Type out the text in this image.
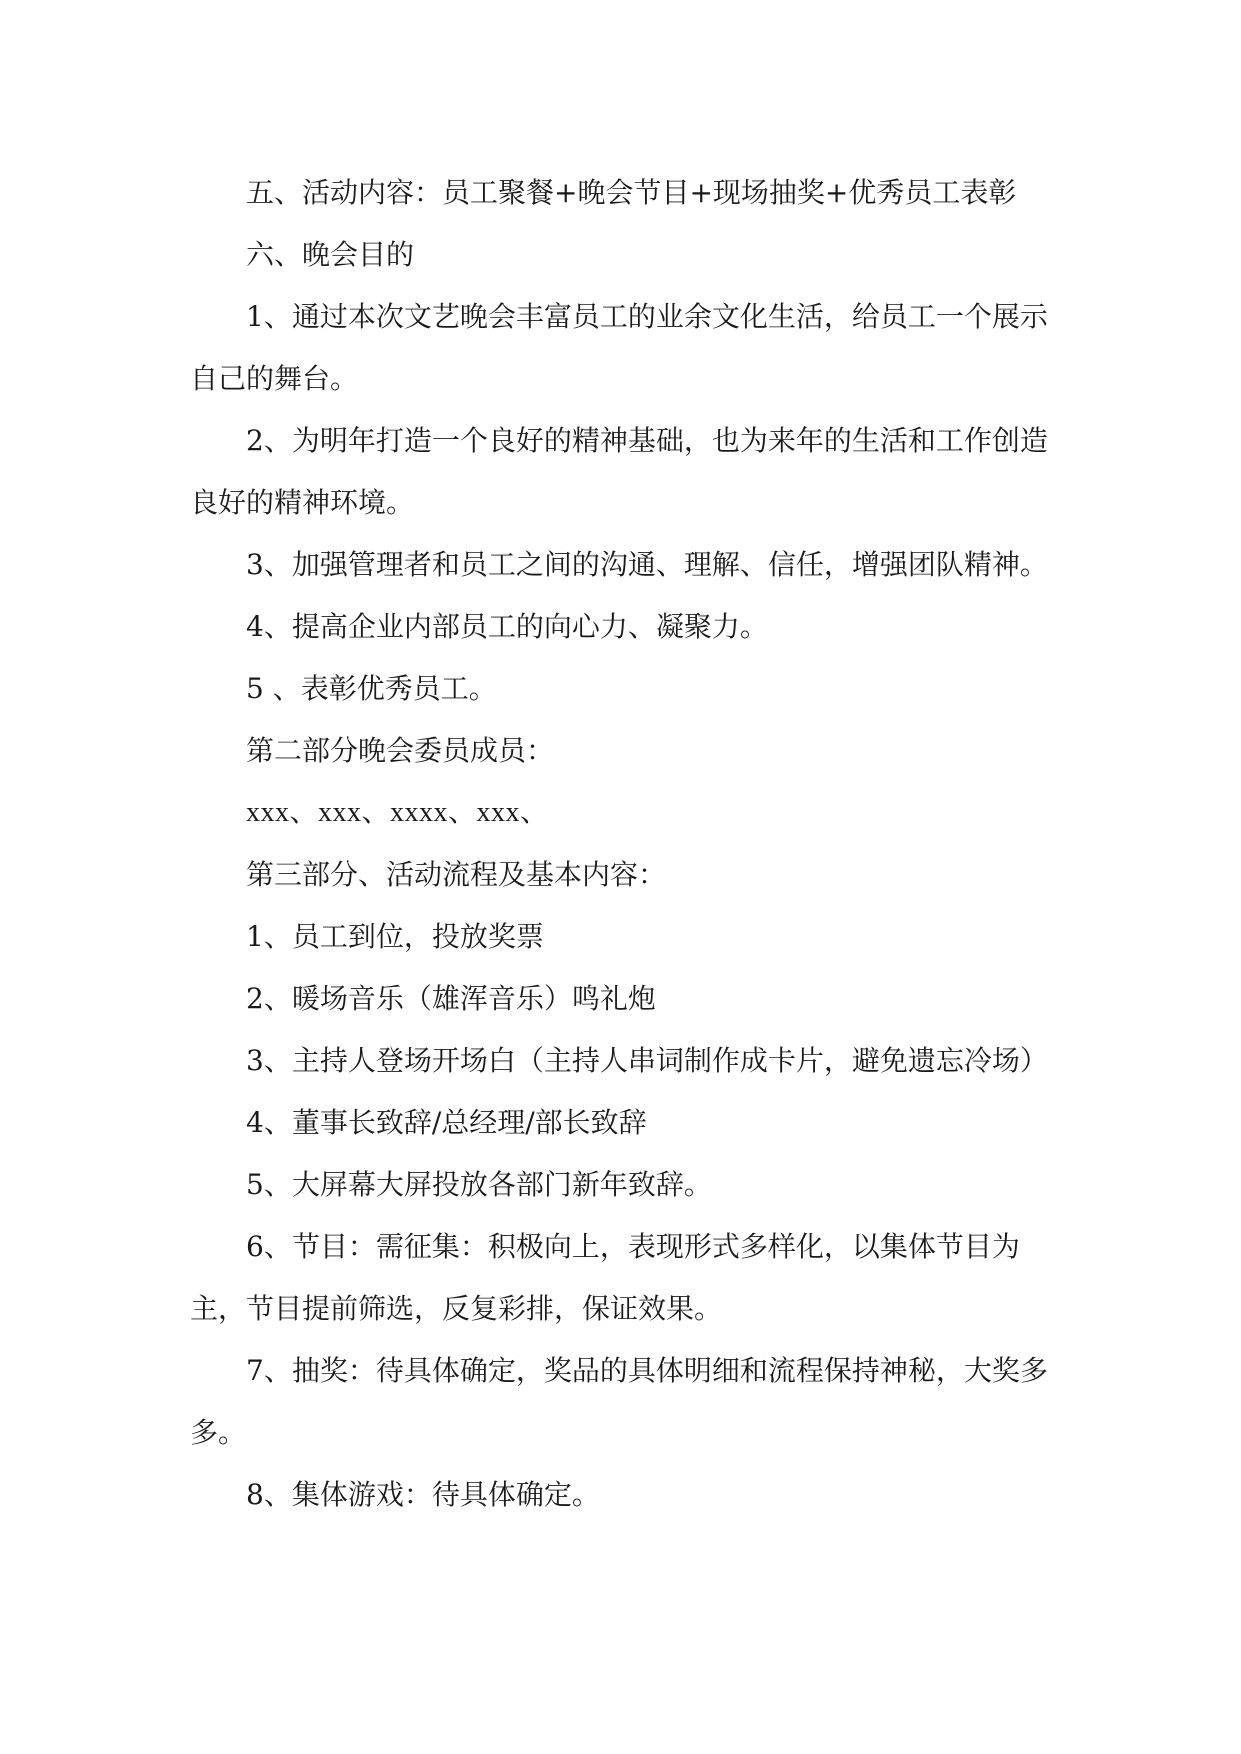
五、活动内容：员工聚餐+晚会节目+现场抽奖+优秀员工表彰

六、晚会目的

1、通过本次文艺晚会丰富员工的业余文化生活，给员工一个展示自己的舞台。

2、为明年打造一个良好的精神基础，也为来年的生活和工作创造良好的精神环境。

3、加强管理者和员工之间的沟通、理解、信任，增强团队精神。

4、提高企业内部员工的向心力、凝聚力。

5 、表彰优秀员工。

第二部分晚会委员成员：

xxx、xxx、xxxx、xxx、

第三部分、活动流程及基本内容：

1、员工到位，投放奖票

2、暖场音乐（雄浑音乐）鸣礼炮

3、主持人登场开场白（主持人串词制作成卡片，避免遗忘冷场）

4、董事长致辞/总经理/部长致辞

5、大屏幕大屏投放各部门新年致辞。

6、节目：需征集：积极向上，表现形式多样化，以集体节目为主，节目提前筛选，反复彩排，保证效果。

7、抽奖：待具体确定，奖品的具体明细和流程保持神秘，大奖多多。

8、集体游戏：待具体确定。
